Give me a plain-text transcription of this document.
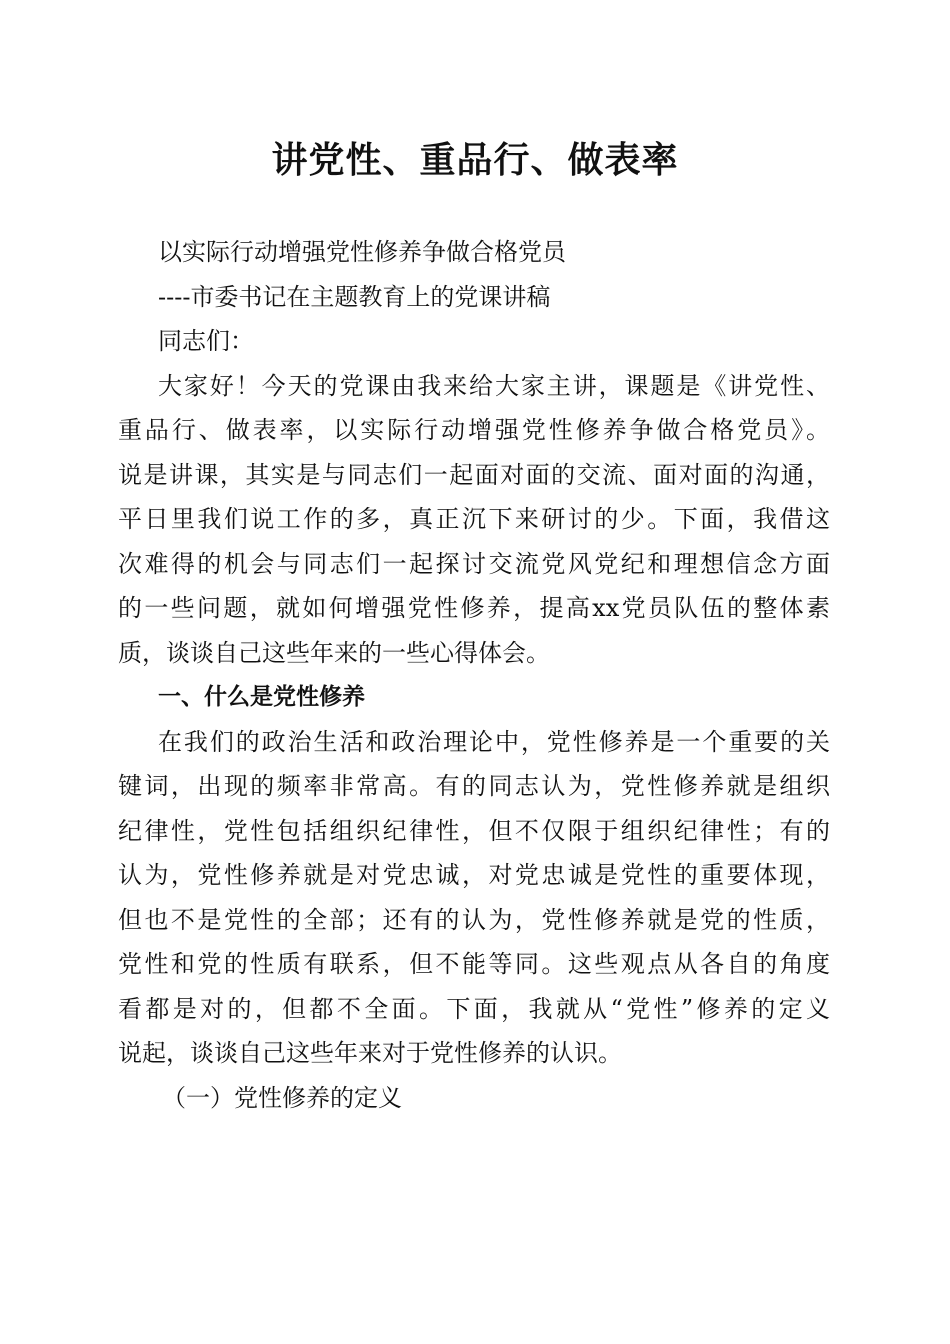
讲党性、重品行、做表率
以实际行动增强党性修养争做合格党员
----市委书记在主题教育上的党课讲稿
同志们：
大家好！今天的党课由我来给大家主讲，课题是《讲党性、
重品行、做表率，以实际行动增强党性修养争做合格党员》。
说是讲课，其实是与同志们一起面对面的交流、面对面的沟通，
平日里我们说工作的多，真正沉下来研讨的少。下面，我借这
次难得的机会与同志们一起探讨交流党风党纪和理想信念方面
的一些问题，就如何增强党性修养，提高xx党员队伍的整体素
质，谈谈自己这些年来的一些心得体会。
一、什么是党性修养
在我们的政治生活和政治理论中，党性修养是一个重要的关
键词，出现的频率非常高。有的同志认为，党性修养就是组织
纪律性，党性包括组织纪律性，但不仅限于组织纪律性；有的
认为，党性修养就是对党忠诚，对党忠诚是党性的重要体现，
但也不是党性的全部；还有的认为，党性修养就是党的性质，
党性和党的性质有联系，但不能等同。这些观点从各自的角度
看都是对的，但都不全面。下面，我就从“党性”修养的定义
说起，谈谈自己这些年来对于党性修养的认识。
（一）党性修养的定义
